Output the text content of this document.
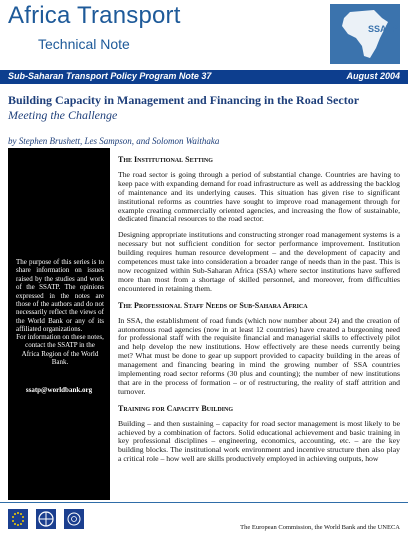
Africa Transport
Technical Note
SSATP
Sub-Saharan Transport Policy Program Note 37	August 2004
Building Capacity in Management and Financing in the Road Sector
Meeting the Challenge
by Stephen Brushett, Les Sampson, and Solomon Waithaka
The purpose of this series is to share information on issues raised by the studies and work of the SSATP. The opinions expressed in the notes are those of the authors and do not necessarily reflect the views of the World Bank or any of its affiliated organizations.
For information on these notes, contact the SSATP in the Africa Region of the World Bank.
ssatp@worldbank.org
The Institutional Setting

The road sector is going through a period of substantial change. Countries are having to keep pace with expanding demand for road infrastructure as well as addressing the backlog of maintenance and its underlying causes. This situation has given rise to significant institutional reforms as countries have sought to improve road management through for example creating commercially oriented agencies, and increasing the flow of sustainable, dedicated financial resources to the road sector.

Designing appropriate institutions and constructing stronger road management systems is a necessary but not sufficient condition for sector performance improvement. Institution building requires human resource development – and the development of capacity and competences must take into consideration a broader range of needs than in the past. This is now recognized within Sub-Saharan Africa (SSA) where sector institutions have suffered more than most from a shortage of skilled personnel, and moreover, from difficulties encountered in retaining them.

The Professional Staff Needs of Sub-Sahara Africa

In SSA, the establishment of road funds (which now number about 24) and the creation of autonomous road agencies (now in at least 12 countries) have created a burgeoning need for professional staff with the requisite financial and managerial skills to effectively pilot and help develop the new institutions. How effectively are these needs currently being met? What must be done to gear up support provided to capacity building in the areas of management and financing bearing in mind the growing number of SSA countries implementing road sector reforms (30 plus and counting); the number of new institutions that are in the process of formation – or of restructuring, the reality of staff attrition and turnover.

Training for Capacity Building

Building – and then sustaining – capacity for road sector management is most likely to be achieved by a combination of factors. Solid educational achievement and basic training in key professional disciplines – engineering, economics, accounting, etc. – are the key building blocks. The institutional work environment and incentive structure then also play a critical role – how well are skills productively employed in achieving outputs, how

The European Commission, the World Bank and the UNECA
